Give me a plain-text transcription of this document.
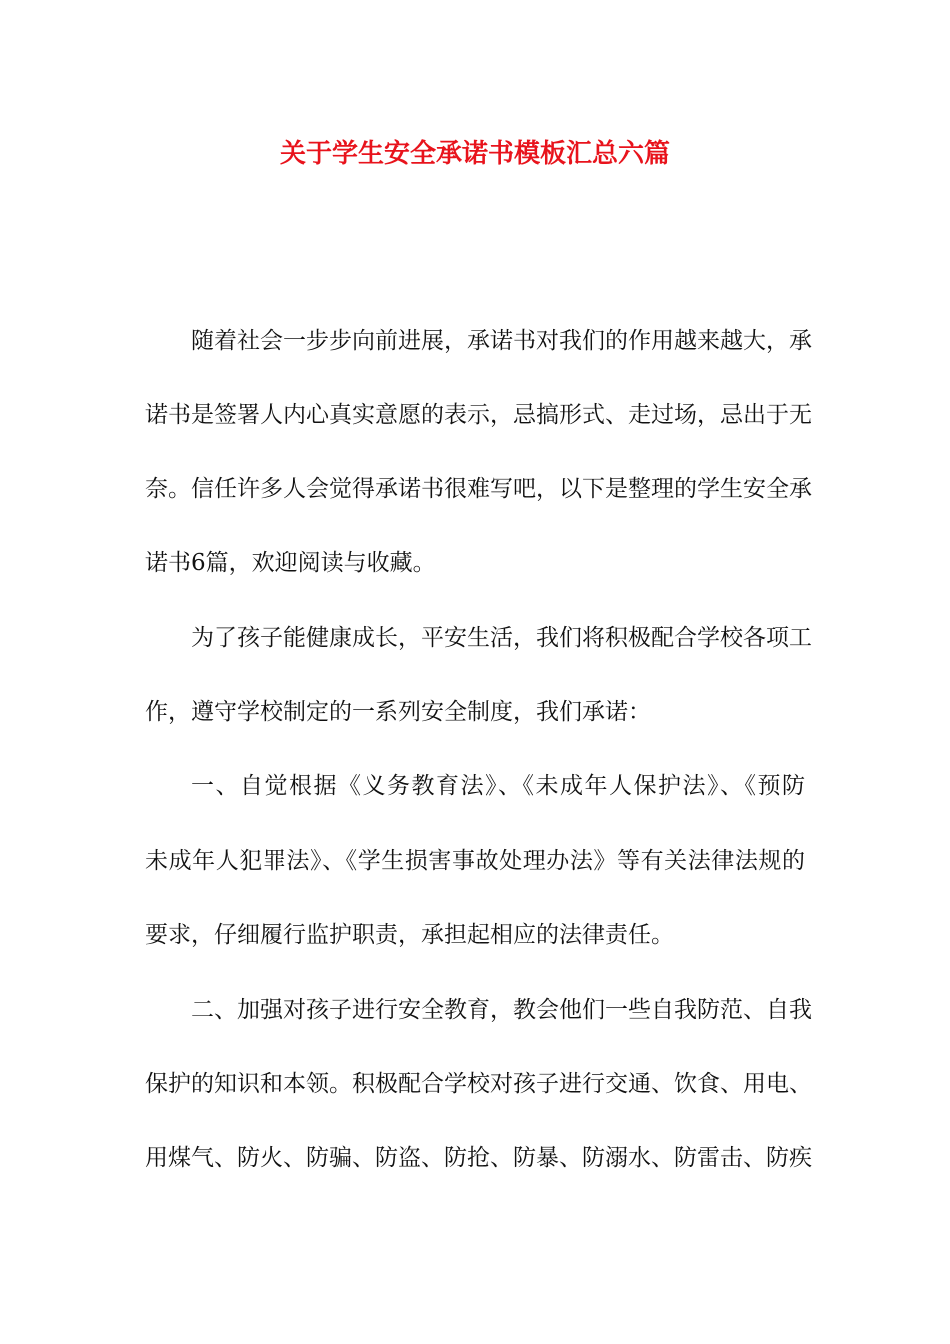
关于学生安全承诺书模板汇总六篇

随着社会一步步向前进展，承诺书对我们的作用越来越大，承

诺书是签署人内心真实意愿的表示，忌搞形式、走过场，忌出于无

奈。信任许多人会觉得承诺书很难写吧，以下是整理的学生安全承

诺书6篇，欢迎阅读与收藏。

为了孩子能健康成长，平安生活，我们将积极配合学校各项工

作，遵守学校制定的一系列安全制度，我们承诺：

一、自觉根据《义务教育法》、《未成年人保护法》、《预防

未成年人犯罪法》、《学生损害事故处理办法》等有关法律法规的

要求，仔细履行监护职责，承担起相应的法律责任。

二、加强对孩子进行安全教育，教会他们一些自我防范、自我

保护的知识和本领。积极配合学校对孩子进行交通、饮食、用电、

用煤气、防火、防骗、防盗、防抢、防暴、防溺水、防雷击、防疾
